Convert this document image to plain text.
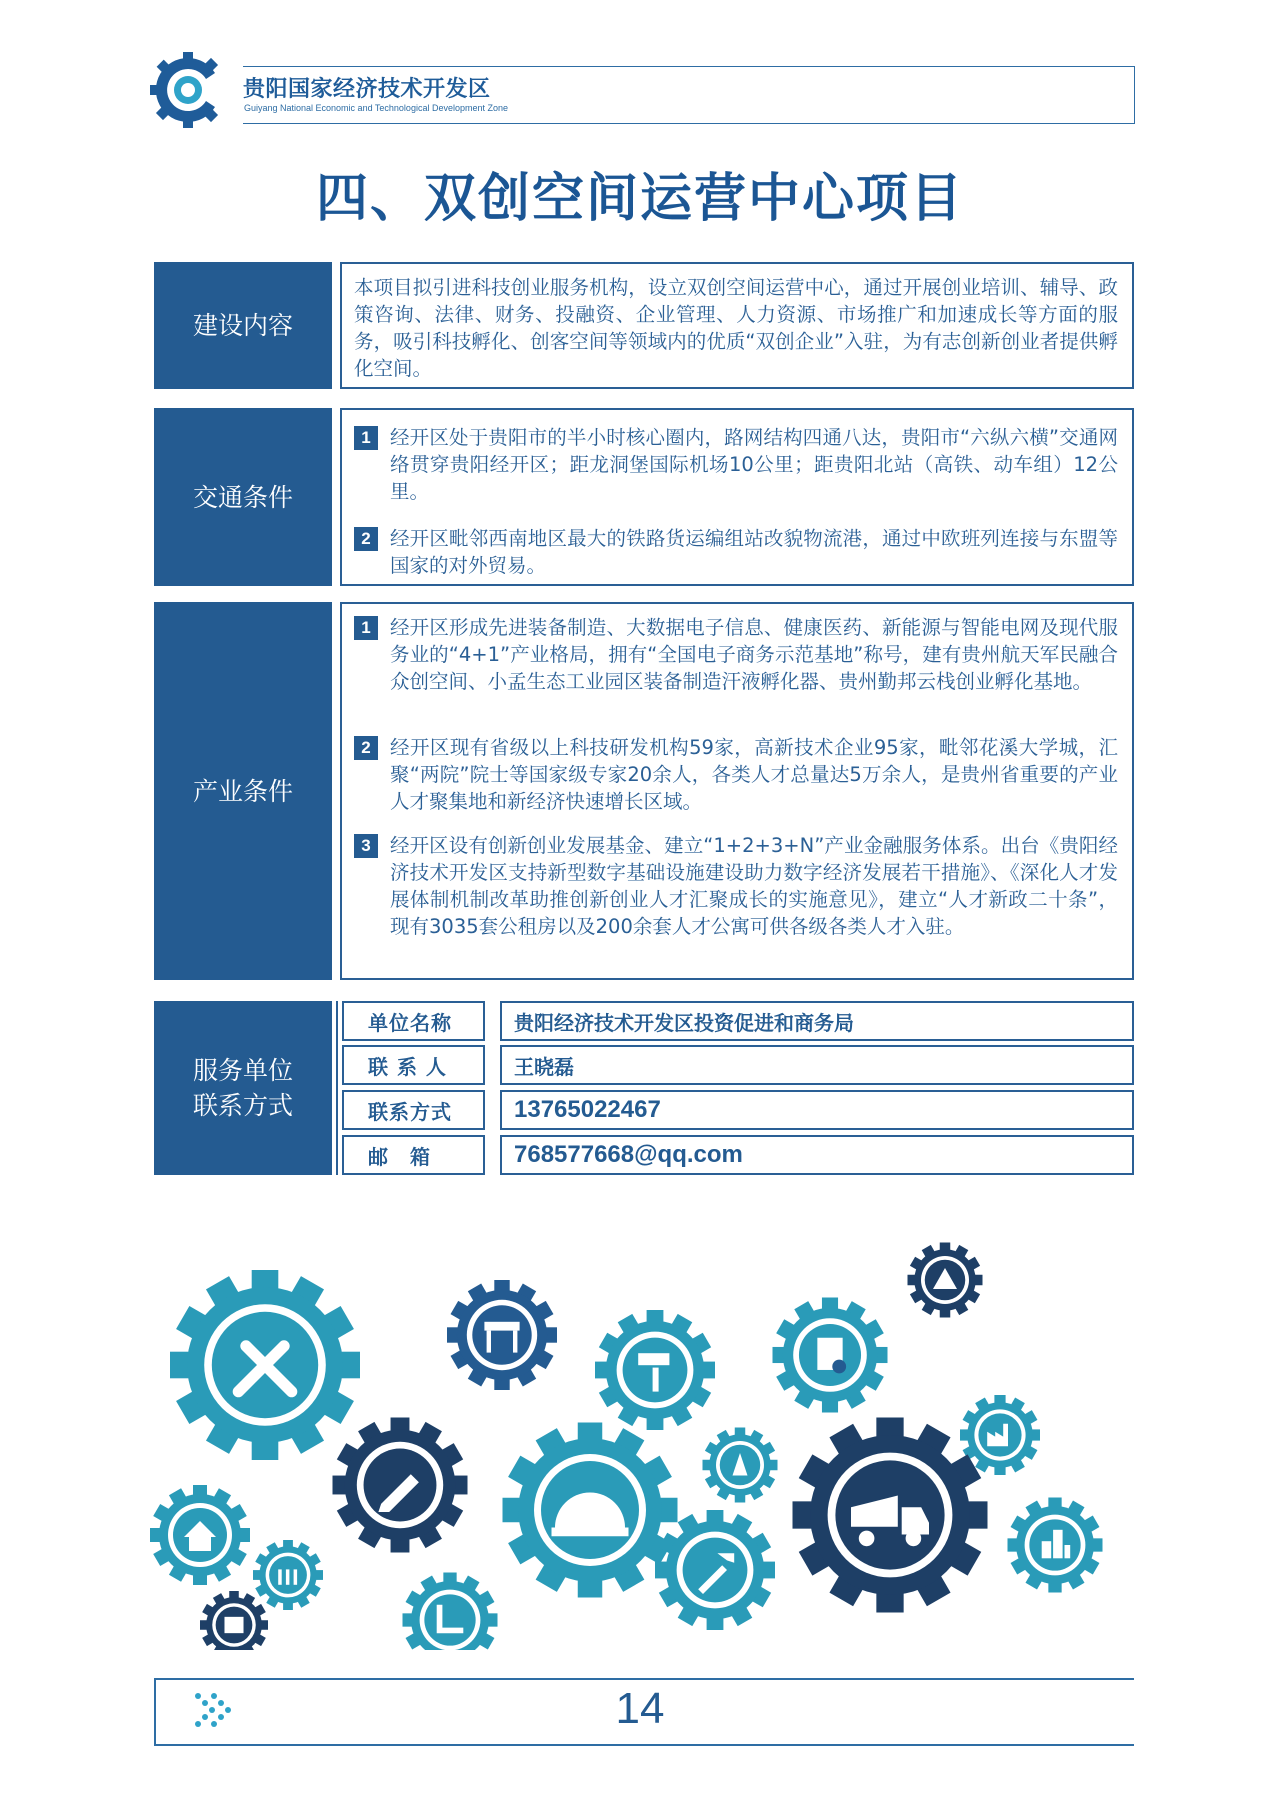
贵阳国家经济技术开发区
Guiyang National Economic and Technological Development Zone
四、双创空间运营中心项目
建设内容
本项目拟引进科技创业服务机构，设立双创空间运营中心，通过开展创业培训、辅导、政策咨询、法律、财务、投融资、企业管理、人力资源、市场推广和加速成长等方面的服务，吸引科技孵化、创客空间等领域内的优质“双创企业”入驻，为有志创新创业者提供孵化空间。
交通条件
1 经开区处于贵阳市的半小时核心圈内，路网结构四通八达，贵阳市“六纵六横”交通网络贯穿贵阳经开区；距龙洞堡国际机场10公里；距贵阳北站（高铁、动车组）12公里。
2 经开区毗邻西南地区最大的铁路货运编组站改貌物流港，通过中欧班列连接与东盟等国家的对外贸易。
产业条件
1 经开区形成先进装备制造、大数据电子信息、健康医药、新能源与智能电网及现代服务业的“4+1”产业格局，拥有“全国电子商务示范基地”称号，建有贵州航天军民融合众创空间、小孟生态工业园区装备制造汗液孵化器、贵州勤邦云栈创业孵化基地。
2 经开区现有省级以上科技研发机构59家，高新技术企业95家，毗邻花溪大学城，汇聚“两院”院士等国家级专家20余人，各类人才总量达5万余人，是贵州省重要的产业人才聚集地和新经济快速增长区域。
3 经开区设有创新创业发展基金、建立“1+2+3+N”产业金融服务体系。出台《贵阳经济技术开发区支持新型数字基础设施建设助力数字经济发展若干措施》、《深化人才发展体制机制改革助推创新创业人才汇聚成长的实施意见》，建立“人才新政二十条”，现有3035套公租房以及200余套人才公寓可供各级各类人才入驻。
服务单位
联系方式
单位名称	贵阳经济技术开发区投资促进和商务局
联 系 人	王晓磊
联系方式	13765022467
邮　箱	768577668@qq.com
14
